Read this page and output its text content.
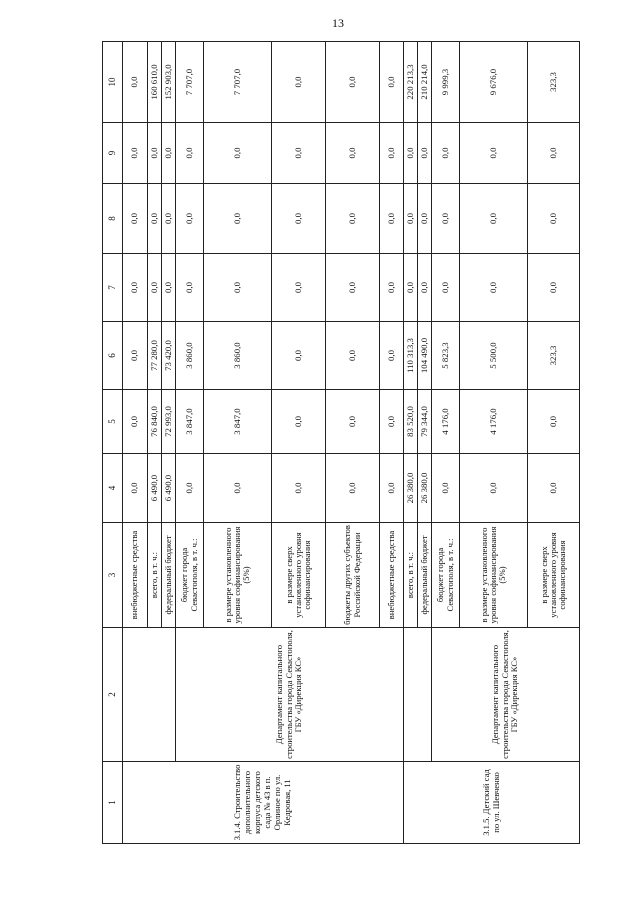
13
1	2	3	4	5	6	7	8	9	10
3.1.4. Строительство дополнительного корпуса детского сада № 43 в п. Орлиное по ул. Кедровая, 11		внебюджетные средства	0,0	0,0	0,0	0,0	0,0	0,0	0,0
		всего, в т. ч.:	6 490,0	76 840,0	77 280,0	0,0	0,0	0,0	160 610,0
		федеральный бюджет	6 490,0	72 993,0	73 420,0	0,0	0,0	0,0	152 903,0
	Департамент капитального строительства города Севастополя, ГБУ «Дирекция КС»	бюджет города Севастополя, в т. ч.:	0,0	3 847,0	3 860,0	0,0	0,0	0,0	7 707,0
		в размере установленного уровня софинансирования (5%)	0,0	3 847,0	3 860,0	0,0	0,0	0,0	7 707,0
		в размере сверх установленного уровня софинансирования	0,0	0,0	0,0	0,0	0,0	0,0	0,0
		бюджеты других субъектов Российской Федерации	0,0	0,0	0,0	0,0	0,0	0,0	0,0
		внебюджетные средства	0,0	0,0	0,0	0,0	0,0	0,0	0,0
3.1.5. Детский сад по ул. Шевченко		всего, в т. ч.:	26 380,0	83 520,0	110 313,3	0,0	0,0	0,0	220 213,3
		федеральный бюджет	26 380,0	79 344,0	104 490,0	0,0	0,0	0,0	210 214,0
	Департамент капитального строительства города Севастополя, ГБУ «Дирекция КС»	бюджет города Севастополя, в т. ч.:	0,0	4 176,0	5 823,3	0,0	0,0	0,0	9 999,3
		в размере установленного уровня софинансирования (5%)	0,0	4 176,0	5 500,0	0,0	0,0	0,0	9 676,0
		в размере сверх установленного уровня софинансирования	0,0	0,0	323,3	0,0	0,0	0,0	323,3
